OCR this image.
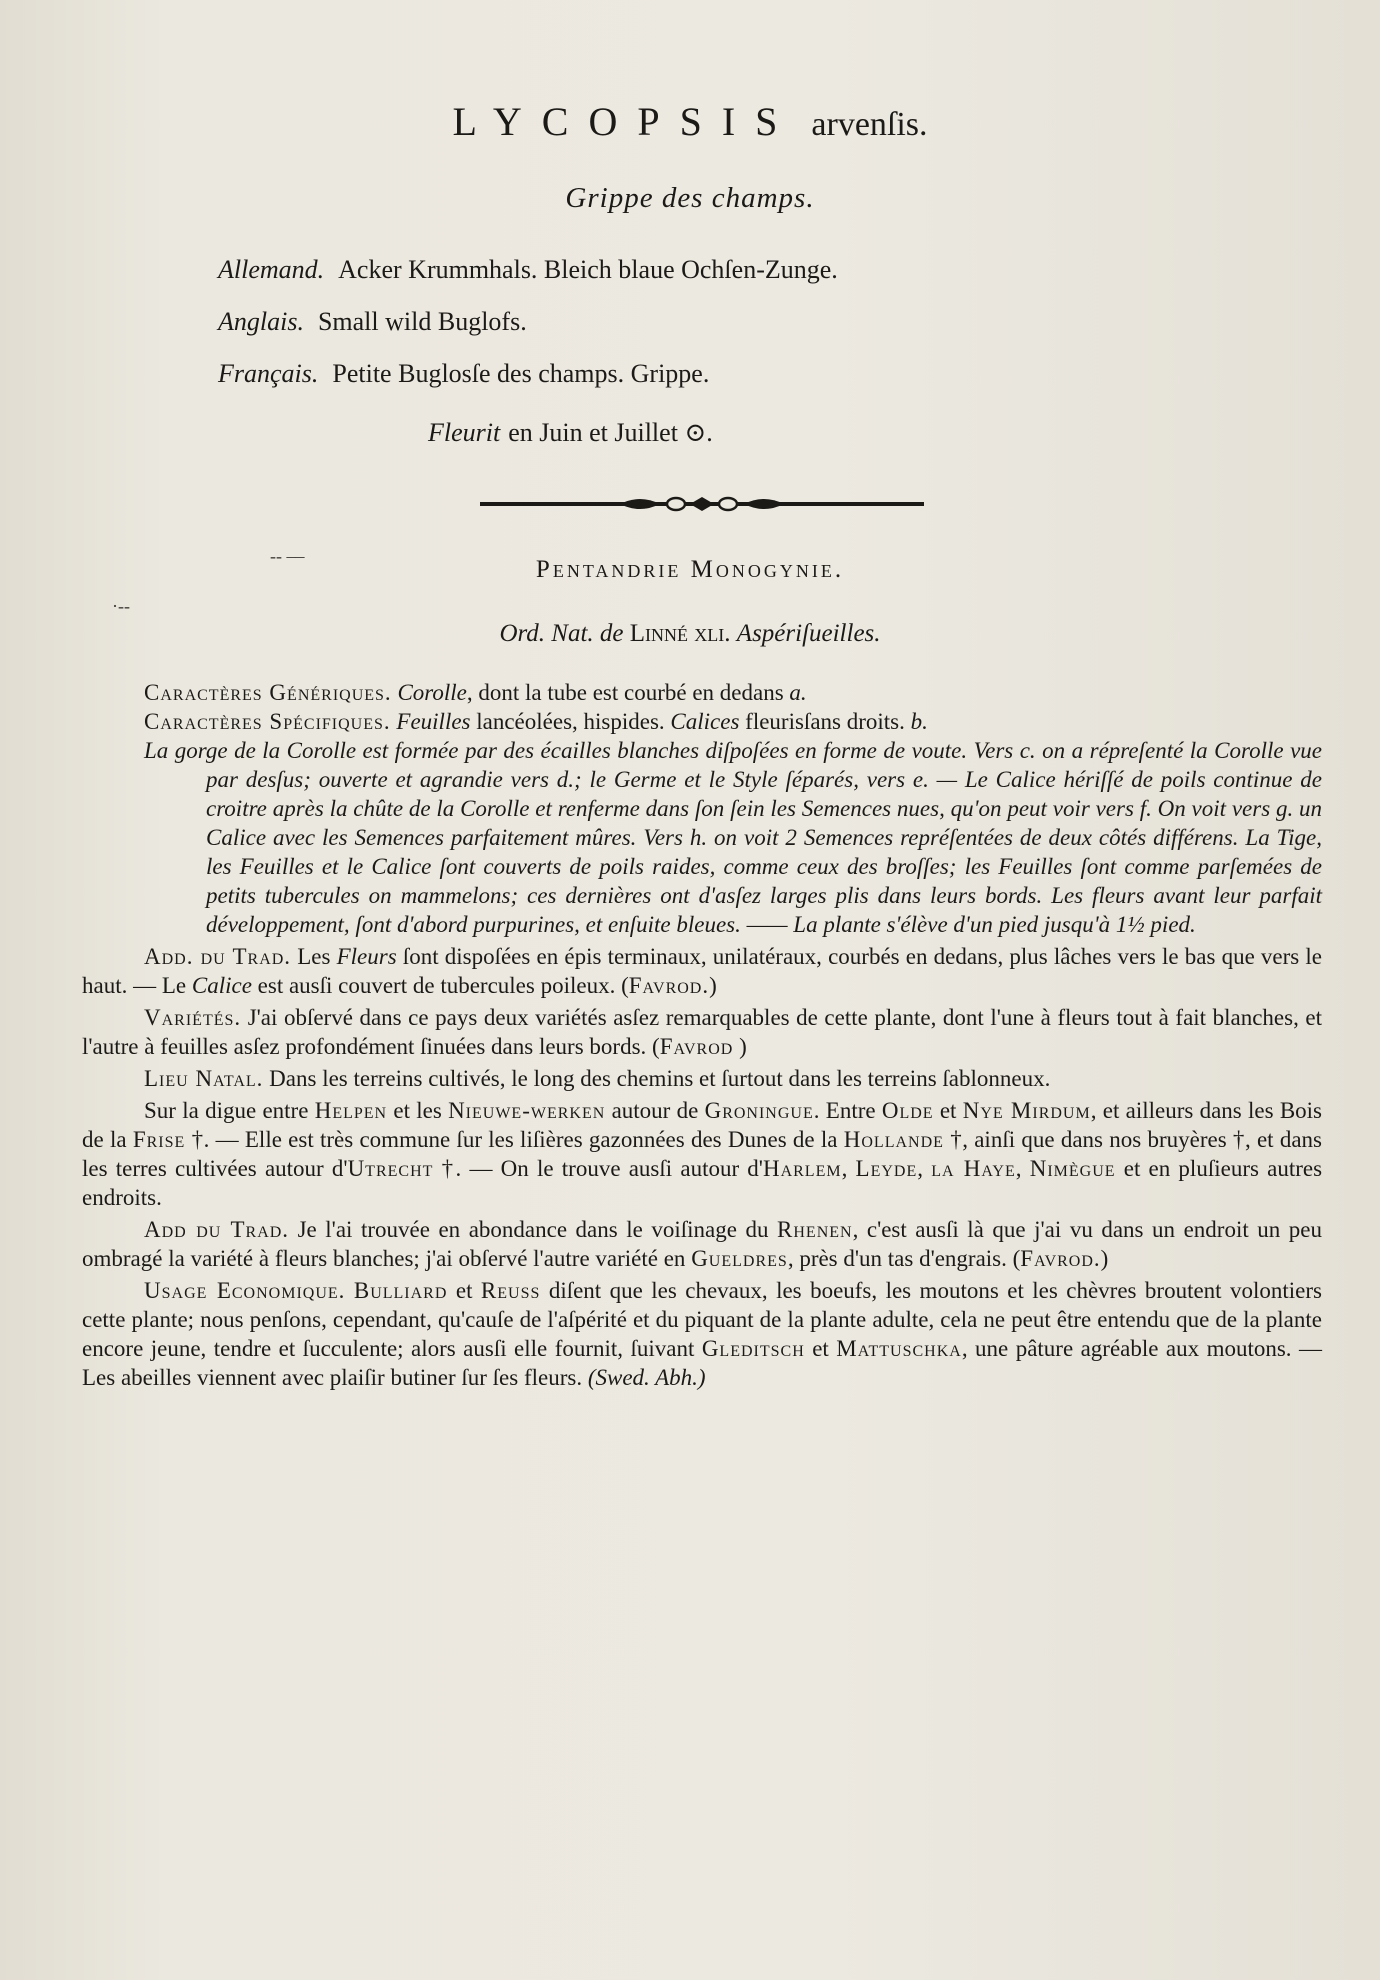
LYCOPSIS arvenſis.
Grippe des champs.
Allemand. Acker Krummhals. Bleich blaue Ochſen-Zunge.
Anglais. Small wild Buglofs.
Français. Petite Buglosſe des champs. Grippe.
Fleurit en Juin et Juillet ⊙.
‐‐ ‒‒
·‐‐
Pentandrie Monogynie.
Ord. Nat. de Linné xli. Aspériſueilles.

Caractères Génériques. Corolle, dont la tube est courbé en dedans a.

Caractères Spécifiques. Feuilles lancéolées, hispides. Calices fleurisſans droits. b.

La gorge de la Corolle est formée par des écailles blanches diſpoſées en forme de voute. Vers c. on a répreſenté la Corolle vue par desſus; ouverte et agrandie vers d.; le Germe et le Style ſéparés, vers e. — Le Calice hériſſé de poils continue de croitre après la chûte de la Corolle et renferme dans ſon ſein les Semences nues, qu'on peut voir vers f. On voit vers g. un Calice avec les Semences parfaitement mûres. Vers h. on voit 2 Semences repréſentées de deux côtés différens. La Tige, les Feuilles et le Calice ſont couverts de poils raides, comme ceux des broſſes; les Feuilles ſont comme parſemées de petits tubercules on mammelons; ces dernières ont d'asſez larges plis dans leurs bords. Les fleurs avant leur parfait développement, ſont d'abord purpurines, et enſuite bleues. —— La plante s'élève d'un pied jusqu'à 1½ pied.

Add. du Trad. Les Fleurs ſont dispoſées en épis terminaux, unilatéraux, courbés en dedans, plus lâches vers le bas que vers le haut. — Le Calice est ausſi couvert de tubercules poileux. (Favrod.)

Variétés. J'ai obſervé dans ce pays deux variétés asſez remarquables de cette plante, dont l'une à fleurs tout à fait blanches, et l'autre à feuilles asſez profondément ſinuées dans leurs bords. (Favrod )

Lieu Natal. Dans les terreins cultivés, le long des chemins et ſurtout dans les terreins ſablonneux.

Sur la digue entre Helpen et les Nieuwe-werken autour de Groningue. Entre Olde et Nye Mirdum, et ailleurs dans les Bois de la Frise †. — Elle est très commune ſur les liſières gazonnées des Dunes de la Hollande †, ainſi que dans nos bruyères †, et dans les terres cultivées autour d'Utrecht †. — On le trouve ausſi autour d'Harlem, Leyde, la Haye, Nimègue et en pluſieurs autres endroits.

Add du Trad. Je l'ai trouvée en abondance dans le voiſinage du Rhenen, c'est ausſi là que j'ai vu dans un endroit un peu ombragé la variété à fleurs blanches; j'ai obſervé l'autre variété en Gueldres, près d'un tas d'engrais. (Favrod.)

Usage Economique. Bulliard et Reuss diſent que les chevaux, les boeufs, les moutons et les chèvres broutent volontiers cette plante; nous penſons, cependant, qu'cauſe de l'aſpérité et du piquant de la plante adulte, cela ne peut être entendu que de la plante encore jeune, tendre et ſucculente; alors ausſi elle fournit, ſuivant Gleditsch et Mattuschka, une pâture agréable aux moutons. — Les abeilles viennent avec plaiſir butiner ſur ſes fleurs. (Swed. Abh.)
